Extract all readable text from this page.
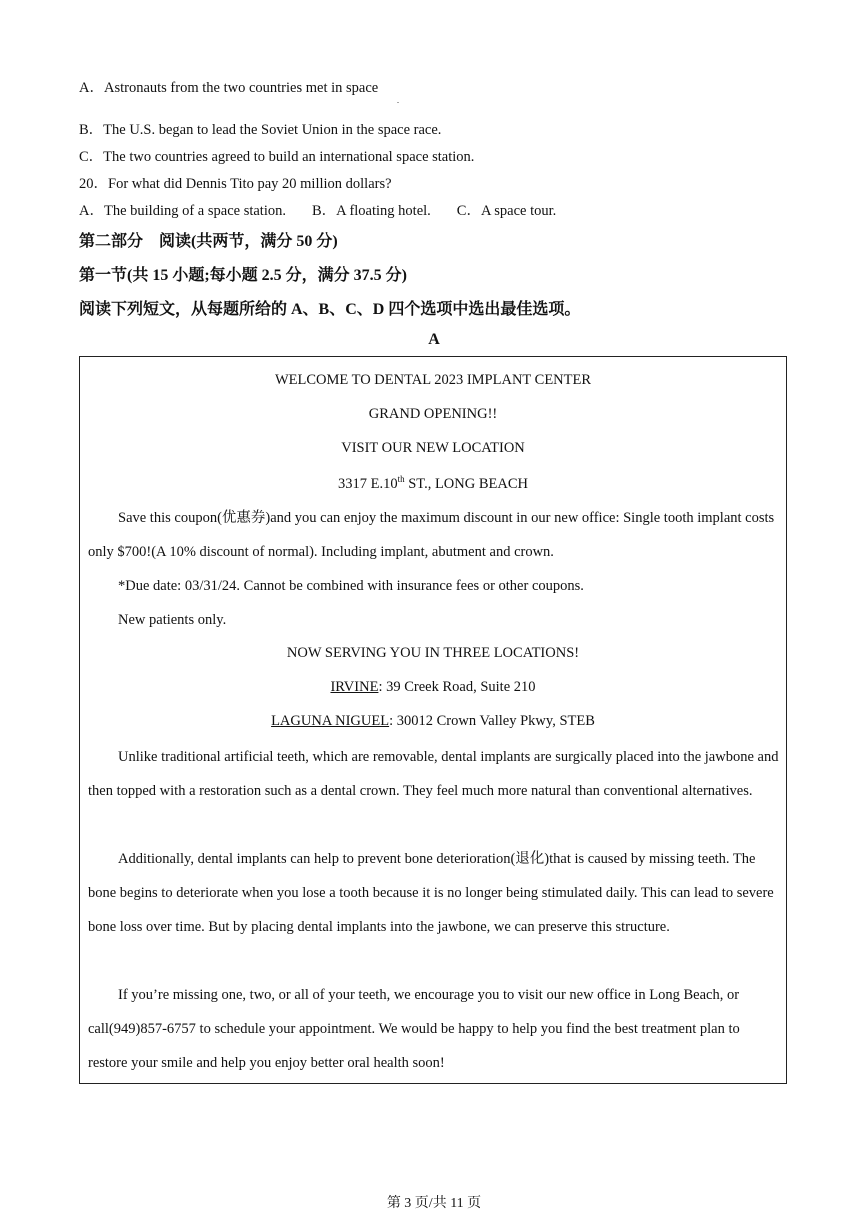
A．Astronauts from the two countries met in space
.
B．The U.S. began to lead the Soviet Union in the space race.
C．The two countries agreed to build an international space station.
20．For what did Dennis Tito pay 20 million dollars?
A．The building of a space station. B．A floating hotel. C．A space tour.
第二部分　阅读(共两节，满分 50 分)
第一节(共 15 小题;每小题 2.5 分，满分 37.5 分)
阅读下列短文，从每题所给的 A、B、C、D 四个选项中选出最佳选项。
A
WELCOME TO DENTAL 2023 IMPLANT CENTER
GRAND OPENING!!
VISIT OUR NEW LOCATION
3317 E.10th ST., LONG BEACH

Save this coupon(优惠券)and you can enjoy the maximum discount in our new office: Single tooth implant costs only $700!(A 10% discount of normal). Including implant, abutment and crown.

*Due date: 03/31/24. Cannot be combined with insurance fees or other coupons.

New patients only.

NOW SERVING YOU IN THREE LOCATIONS!
IRVINE: 39 Creek Road, Suite 210
LAGUNA NIGUEL: 30012 Crown Valley Pkwy, STEB

Unlike traditional artificial teeth, which are removable, dental implants are surgically placed into the jawbone and then topped with a restoration such as a dental crown. They feel much more natural than conventional alternatives.

Additionally, dental implants can help to prevent bone deterioration(退化)that is caused by missing teeth. The bone begins to deteriorate when you lose a tooth because it is no longer being stimulated daily. This can lead to severe bone loss over time. But by placing dental implants into the jawbone, we can preserve this structure.

If you’re missing one, two, or all of your teeth, we encourage you to visit our new office in Long Beach, or call(949)857-6757 to schedule your appointment. We would be happy to help you find the best treatment plan to restore your smile and help you enjoy better oral health soon!

第 3 页/共 11 页
